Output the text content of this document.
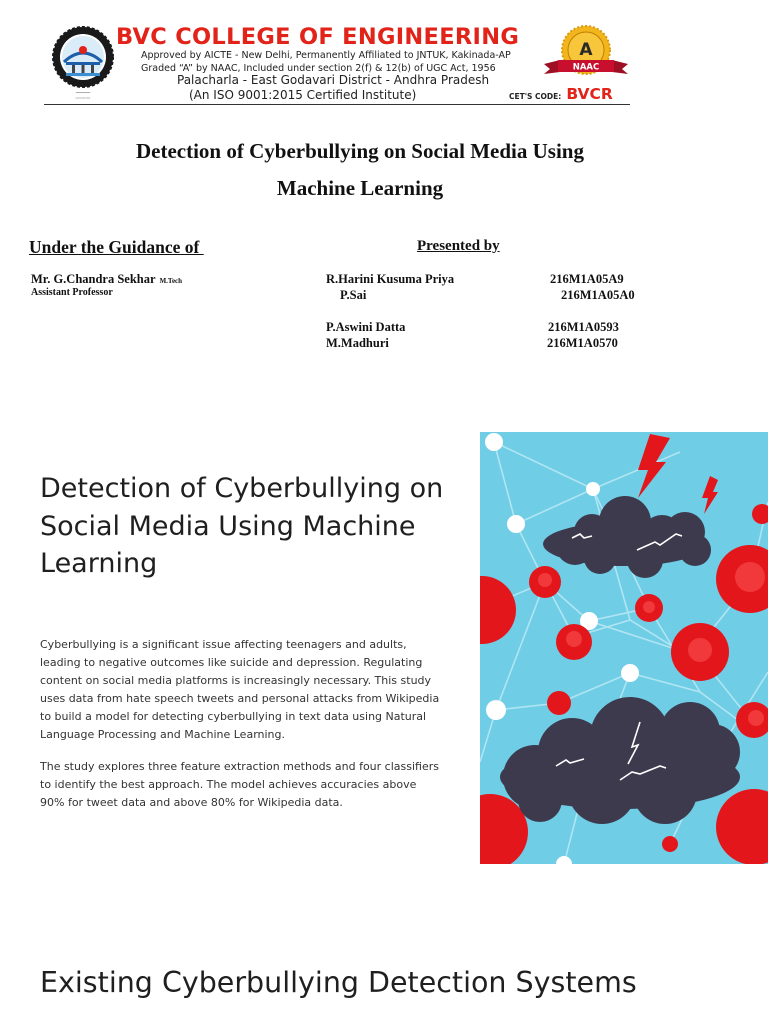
━━━━━━
▭▭▭▭
BVC COLLEGE OF ENGINEERING
Approved by AICTE - New Delhi, Permanently Affiliated to JNTUK, Kakinada-AP
Graded “A” by NAAC, Included under section 2(f) & 12(b) of UGC Act, 1956
Palacharla - East Godavari District - Andhra Pradesh
(An ISO 9001:2015 Certified Institute)
A
NAAC
CET'S CODE: BVCR
Detection of Cyberbullying on Social Media Using
Machine Learning
Under the Guidance of
Mr. G.Chandra Sekhar M.Tech
Assistant Professor
Presented by
R.Harini Kusuma Priya	216M1A05A9
P.Sai	216M1A05A0
P.Aswini Datta	216M1A0593
M.Madhuri	216M1A0570
Detection of Cyberbullying on Social Media Using Machine Learning

Cyberbullying is a significant issue affecting teenagers and adults, leading to negative outcomes like suicide and depression. Regulating content on social media platforms is increasingly necessary. This study uses data from hate speech tweets and personal attacks from Wikipedia to build a model for detecting cyberbullying in text data using Natural Language Processing and Machine Learning.

The study explores three feature extraction methods and four classifiers to identify the best approach. The model achieves accuracies above 90% for tweet data and above 80% for Wikipedia data.

Existing Cyberbullying Detection Systems
